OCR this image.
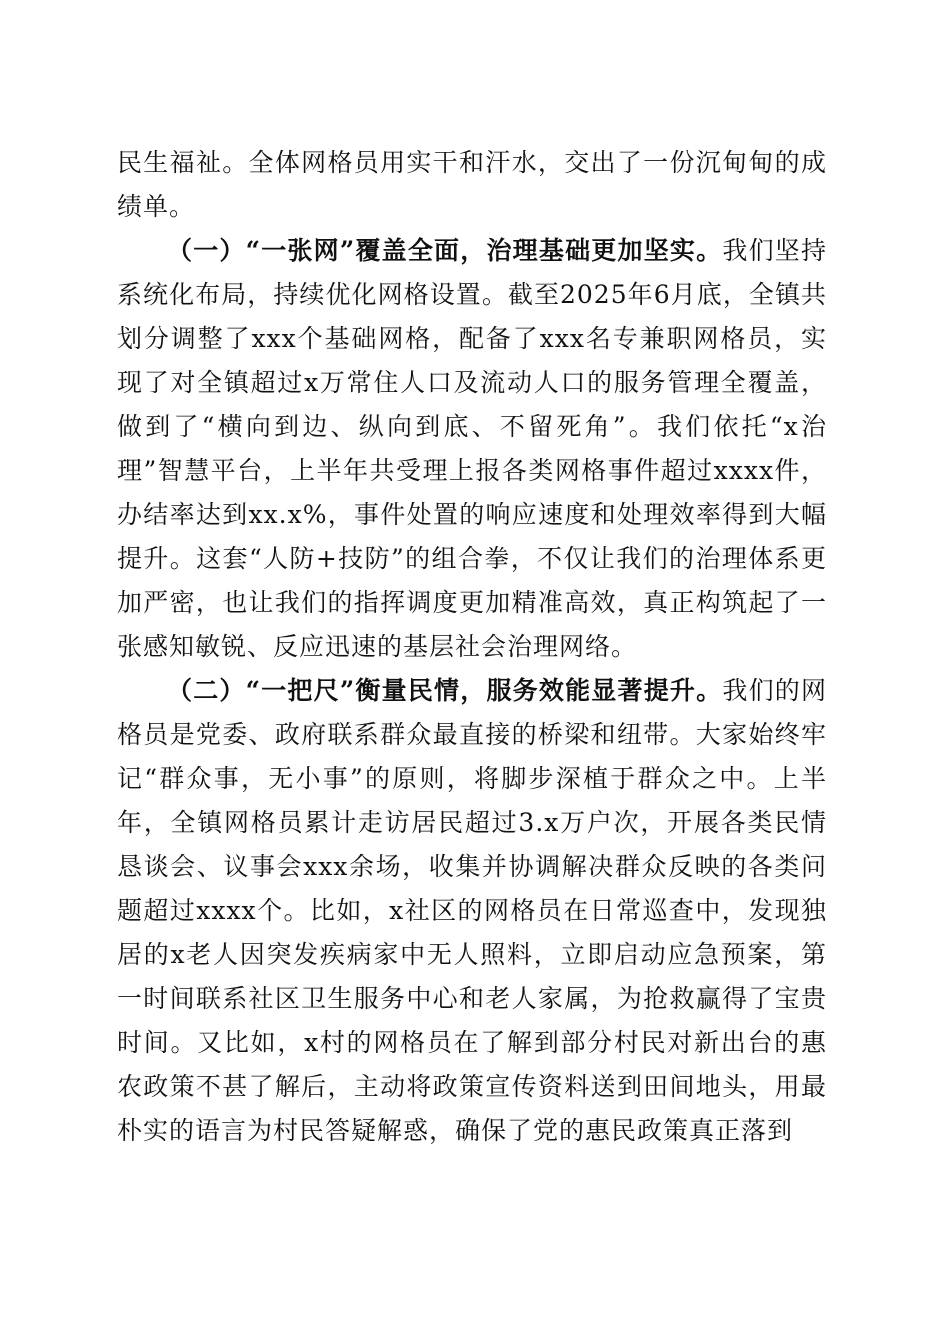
民生福祉。全体网格员用实干和汗水，交出了一份沉甸甸的成绩单。

（一）“一张网”覆盖全面，治理基础更加坚实。我们坚持系统化布局，持续优化网格设置。截至2025年6月底，全镇共划分调整了xxx个基础网格，配备了xxx名专兼职网格员，实现了对全镇超过x万常住人口及流动人口的服务管理全覆盖，做到了“横向到边、纵向到底、不留死角”。我们依托“x治理”智慧平台，上半年共受理上报各类网格事件超过xxxx件，办结率达到xx.x%，事件处置的响应速度和处理效率得到大幅提升。这套“人防+技防”的组合拳，不仅让我们的治理体系更加严密，也让我们的指挥调度更加精准高效，真正构筑起了一张感知敏锐、反应迅速的基层社会治理网络。

（二）“一把尺”衡量民情，服务效能显著提升。我们的网格员是党委、政府联系群众最直接的桥梁和纽带。大家始终牢记“群众事，无小事”的原则，将脚步深植于群众之中。上半年，全镇网格员累计走访居民超过3.x万户次，开展各类民情恳谈会、议事会xxx余场，收集并协调解决群众反映的各类问题超过xxxx个。比如，x社区的网格员在日常巡查中，发现独居的x老人因突发疾病家中无人照料，立即启动应急预案，第一时间联系社区卫生服务中心和老人家属，为抢救赢得了宝贵时间。又比如，x村的网格员在了解到部分村民对新出台的惠农政策不甚了解后，主动将政策宣传资料送到田间地头，用最朴实的语言为村民答疑解惑，确保了党的惠民政策真正落到
